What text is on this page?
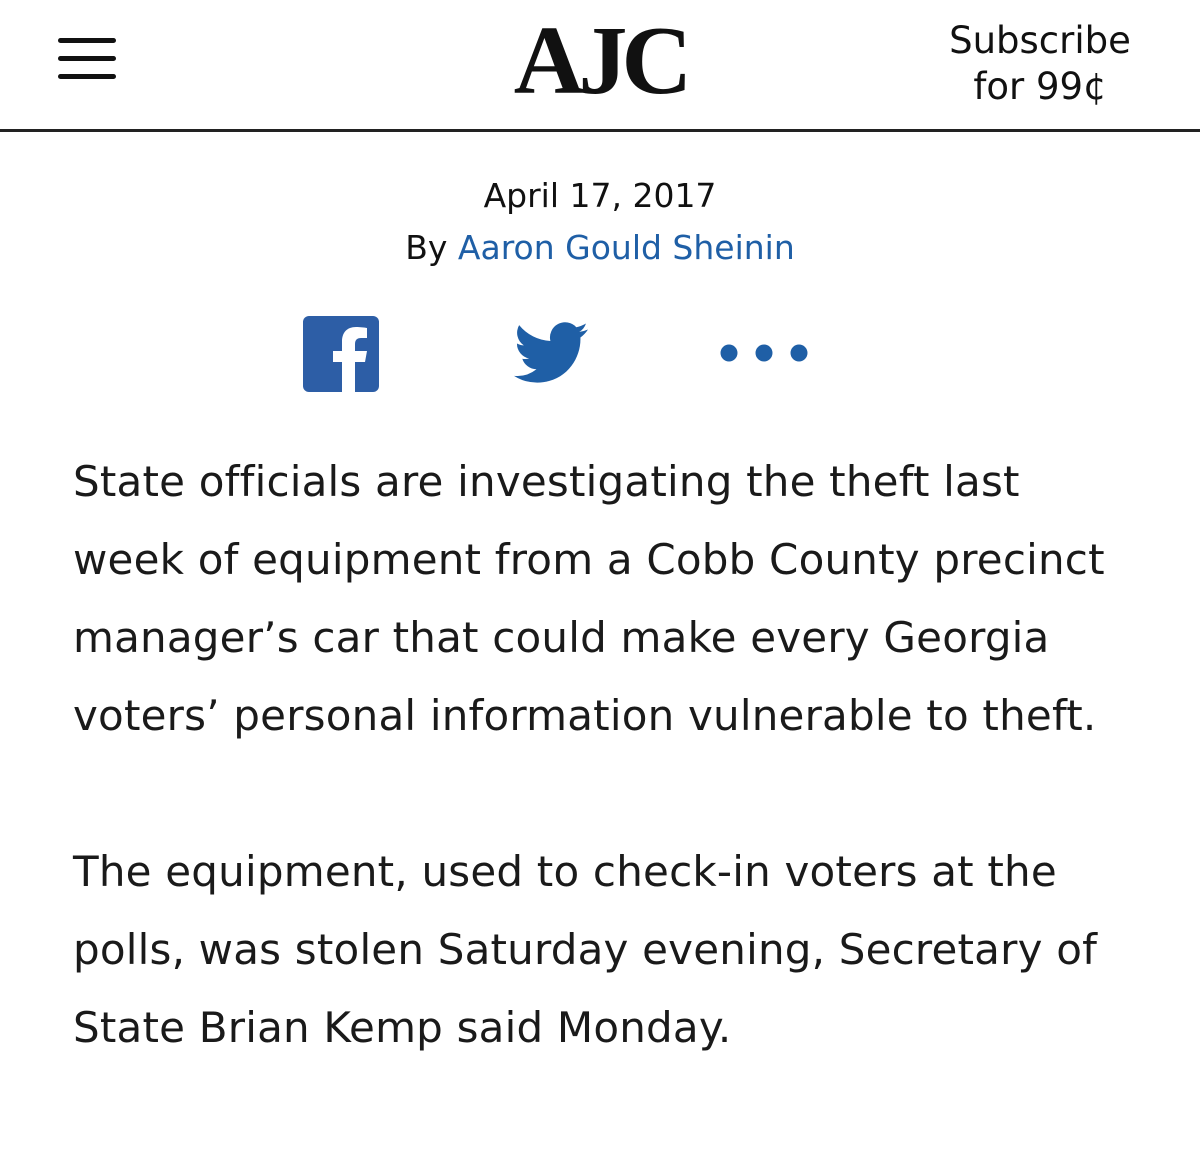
AJC	Subscribe
for 99¢
April 17, 2017
By Aaron Gould Sheinin

State officials are investigating the theft last week of equipment from a Cobb County precinct manager’s car that could make every Georgia voters’ personal information vulnerable to theft.

The equipment, used to check-in voters at the polls, was stolen Saturday evening, Secretary of State Brian Kemp said Monday.
